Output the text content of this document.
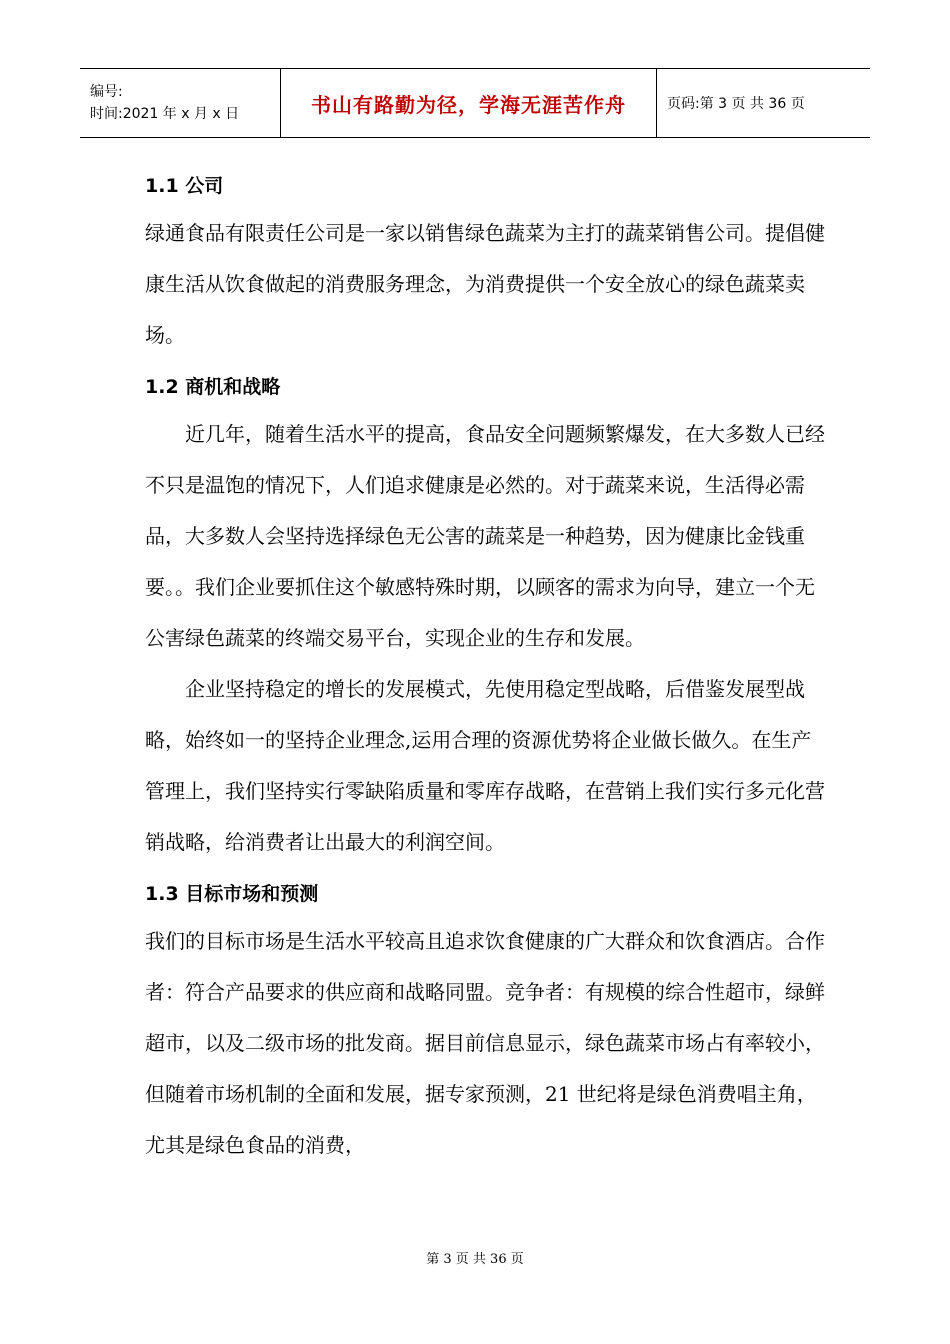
编号:
时间:2021 年 x 月 x 日	书山有路勤为径，学海无涯苦作舟	页码:第 3 页 共 36 页
1.1 公司

绿通食品有限责任公司是一家以销售绿色蔬菜为主打的蔬菜销售公司。提倡健康生活从饮食做起的消费服务理念，为消费提供一个安全放心的绿色蔬菜卖场。

1.2 商机和战略

近几年，随着生活水平的提高，食品安全问题频繁爆发，在大多数人已经不只是温饱的情况下，人们追求健康是必然的。对于蔬菜来说，生活得必需品，大多数人会坚持选择绿色无公害的蔬菜是一种趋势，因为健康比金钱重要。。我们企业要抓住这个敏感特殊时期，以顾客的需求为向导，建立一个无公害绿色蔬菜的终端交易平台，实现企业的生存和发展。

企业坚持稳定的增长的发展模式，先使用稳定型战略，后借鉴发展型战略，始终如一的坚持企业理念,运用合理的资源优势将企业做长做久。在生产管理上，我们坚持实行零缺陷质量和零库存战略，在营销上我们实行多元化营销战略，给消费者让出最大的利润空间。

1.3 目标市场和预测

我们的目标市场是生活水平较高且追求饮食健康的广大群众和饮食酒店。合作者：符合产品要求的供应商和战略同盟。竞争者：有规模的综合性超市，绿鲜超市，以及二级市场的批发商。据目前信息显示，绿色蔬菜市场占有率较小，但随着市场机制的全面和发展，据专家预测，21 世纪将是绿色消费唱主角，尤其是绿色食品的消费，

第 3 页 共 36 页
